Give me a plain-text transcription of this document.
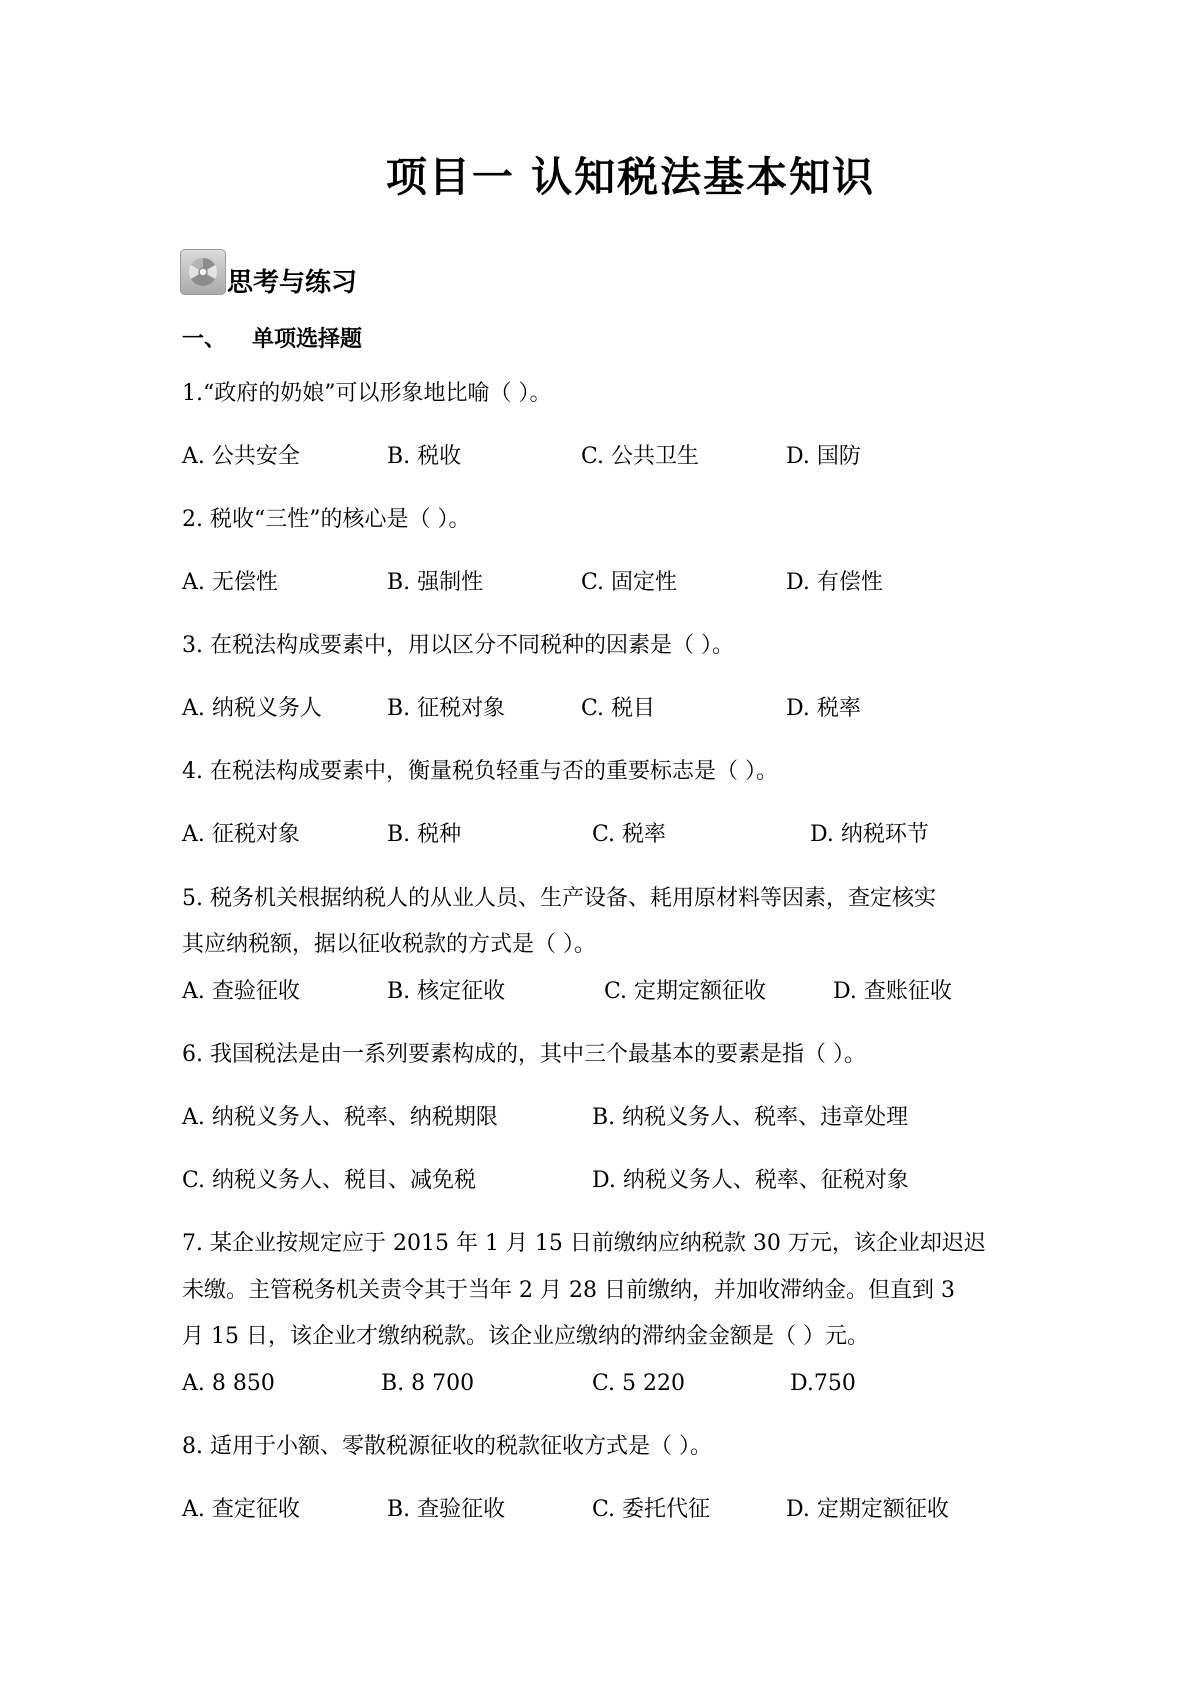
项目一 认知税法基本知识
思考与练习
一、 单项选择题
1.“政府的奶娘”可以形象地比喻（ ）。
A. 公共安全	B. 税收	C. 公共卫生	D. 国防
2. 税收“三性”的核心是（ ）。
A. 无偿性	B. 强制性	C. 固定性	D. 有偿性
3. 在税法构成要素中，用以区分不同税种的因素是（ ）。
A. 纳税义务人	B. 征税对象	C. 税目	D. 税率
4. 在税法构成要素中，衡量税负轻重与否的重要标志是（ ）。
A. 征税对象	B. 税种	C. 税率	D. 纳税环节
5. 税务机关根据纳税人的从业人员、生产设备、耗用原材料等因素，查定核实
其应纳税额，据以征收税款的方式是（ ）。
A. 查验征收	B. 核定征收	C. 定期定额征收	D. 查账征收
6. 我国税法是由一系列要素构成的，其中三个最基本的要素是指（ ）。
A. 纳税义务人、税率、纳税期限	B. 纳税义务人、税率、违章处理
C. 纳税义务人、税目、减免税	D. 纳税义务人、税率、征税对象
7. 某企业按规定应于 2015 年 1 月 15 日前缴纳应纳税款 30 万元，该企业却迟迟
未缴。主管税务机关责令其于当年 2 月 28 日前缴纳，并加收滞纳金。但直到 3
月 15 日，该企业才缴纳税款。该企业应缴纳的滞纳金金额是（ ）元。
A. 8 850	B. 8 700	C. 5 220	D.750
8. 适用于小额、零散税源征收的税款征收方式是（ ）。
A. 查定征收	B. 查验征收	C. 委托代征	D. 定期定额征收
